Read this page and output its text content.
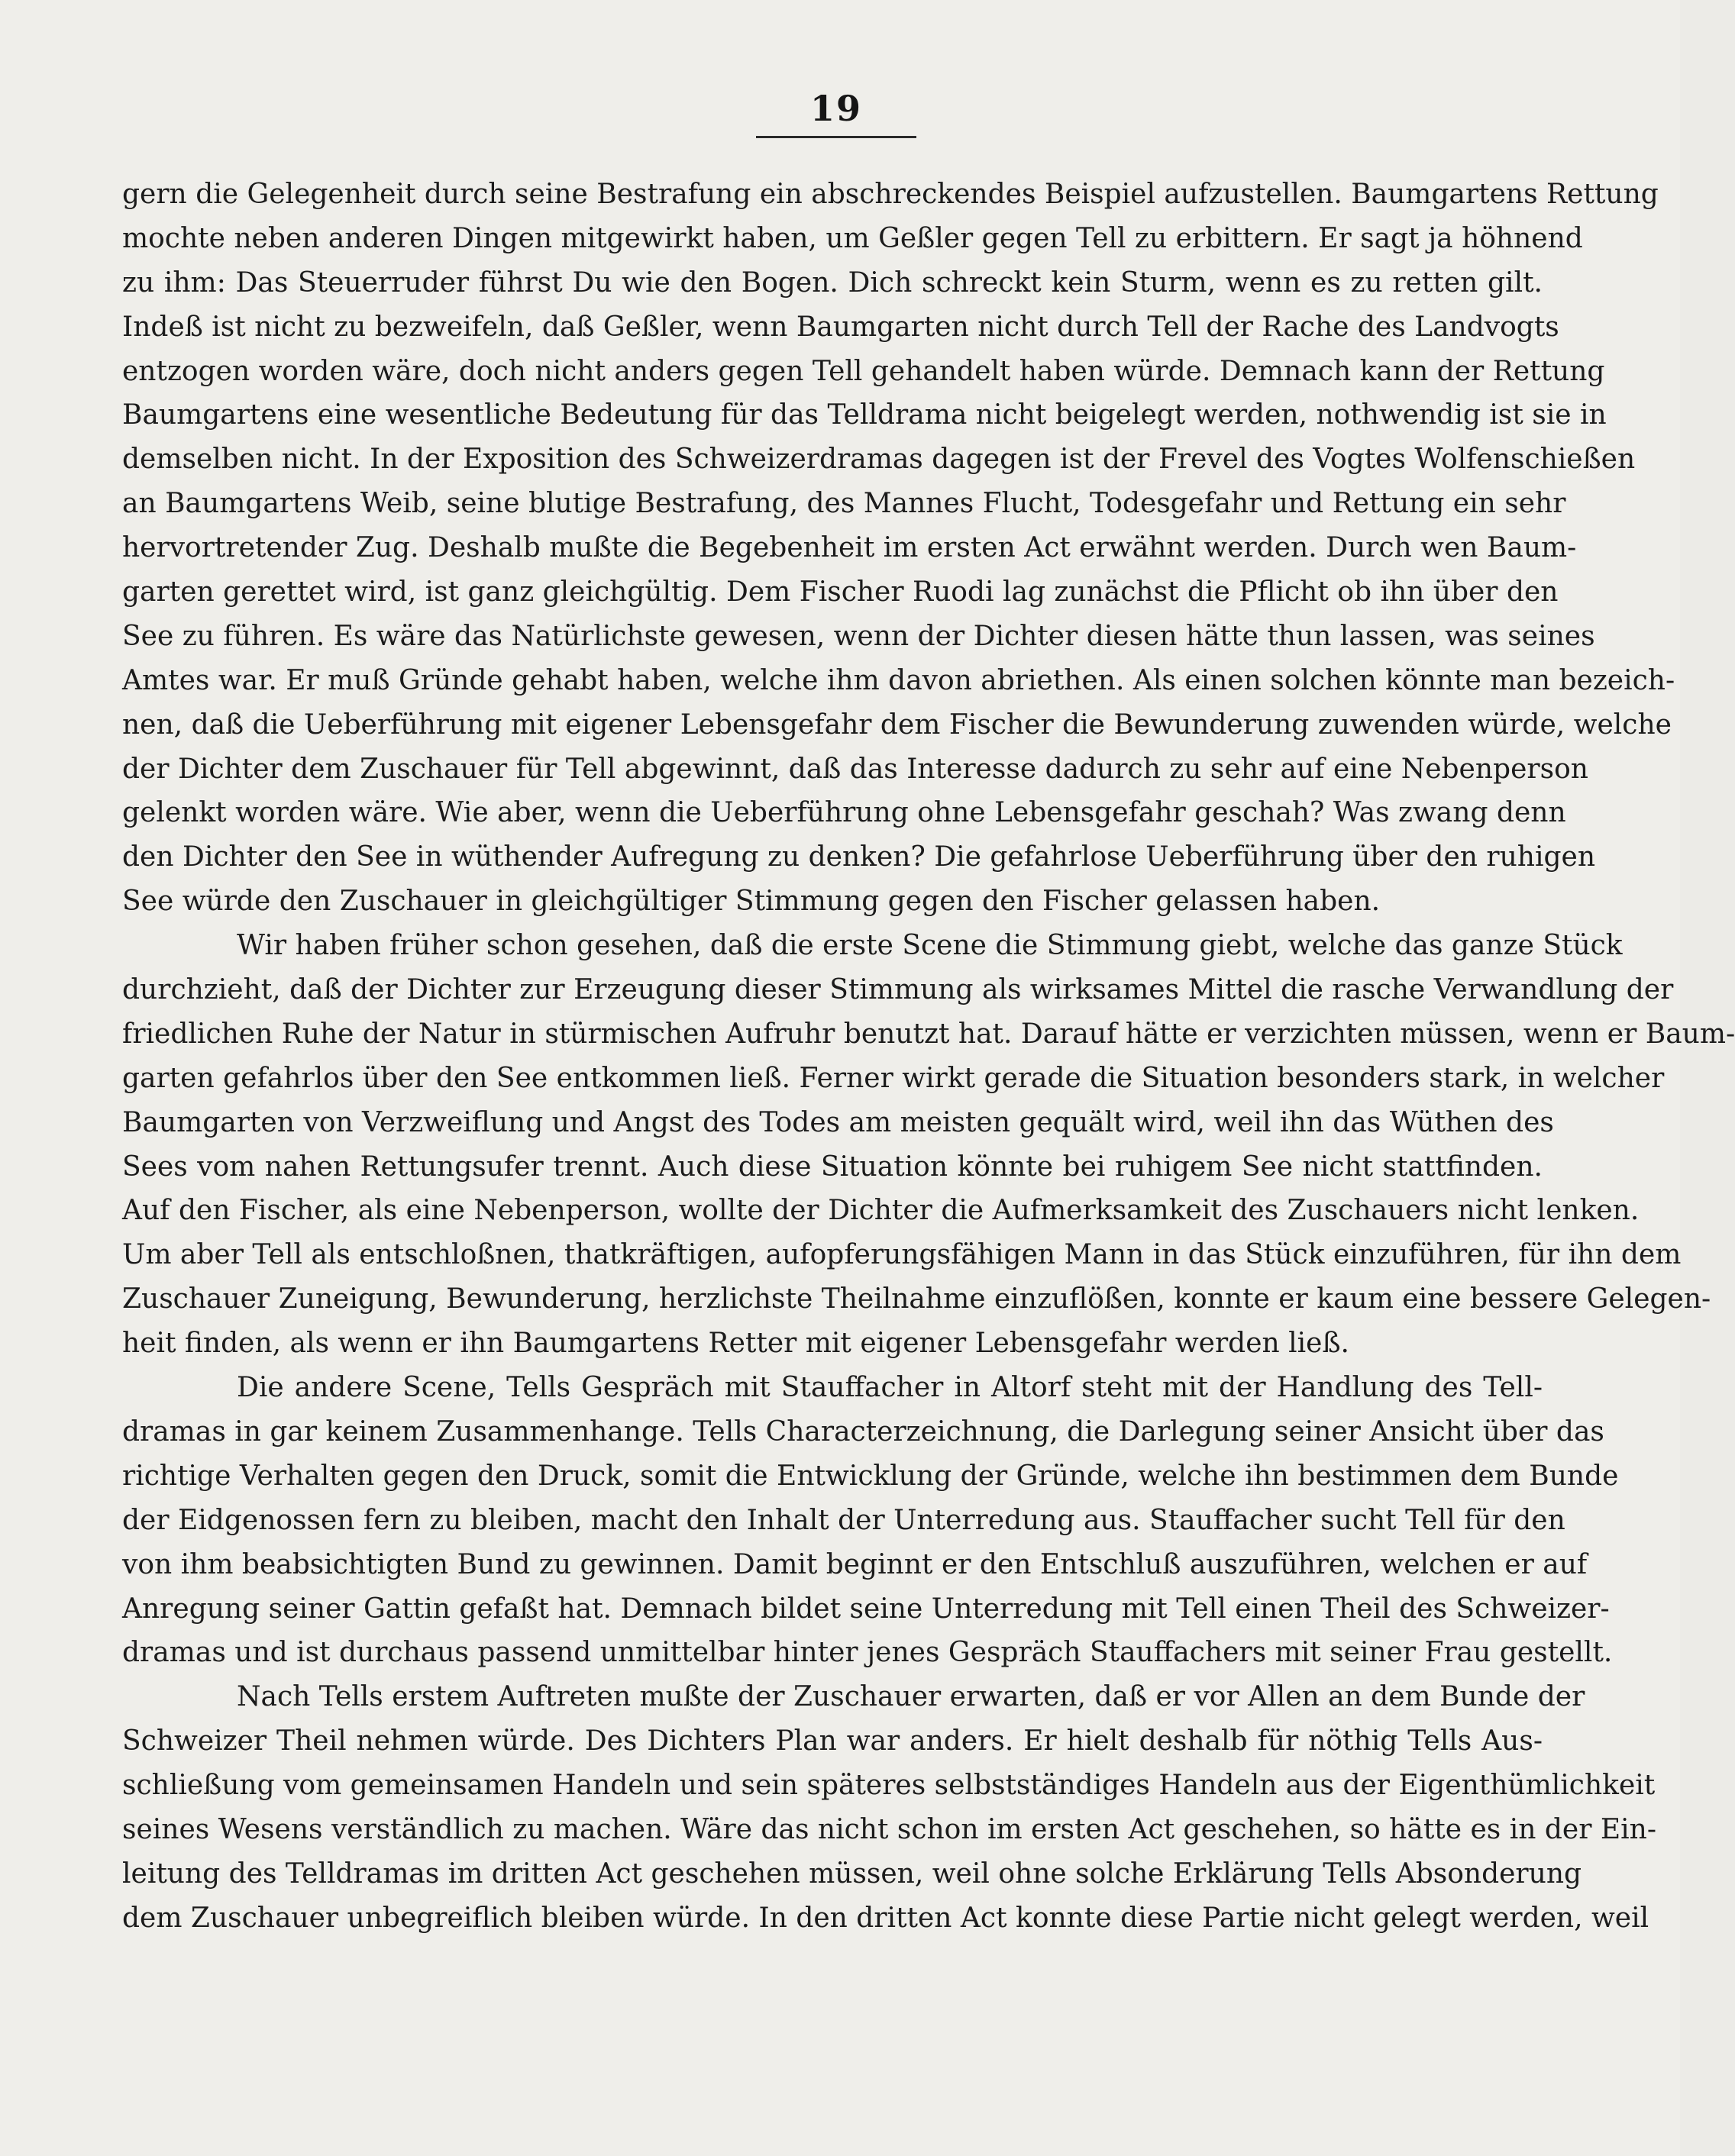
19
gern die Gelegenheit durch seine Bestrafung ein abschreckendes Beispiel aufzustellen. Baumgartens Rettung
mochte neben anderen Dingen mitgewirkt haben, um Geßler gegen Tell zu erbittern. Er sagt ja höhnend
zu ihm: Das Steuerruder führst Du wie den Bogen. Dich schreckt kein Sturm, wenn es zu retten gilt.
Indeß ist nicht zu bezweifeln, daß Geßler, wenn Baumgarten nicht durch Tell der Rache des Landvogts
entzogen worden wäre, doch nicht anders gegen Tell gehandelt haben würde. Demnach kann der Rettung
Baumgartens eine wesentliche Bedeutung für das Telldrama nicht beigelegt werden, nothwendig ist sie in
demselben nicht. In der Exposition des Schweizerdramas dagegen ist der Frevel des Vogtes Wolfenschießen
an Baumgartens Weib, seine blutige Bestrafung, des Mannes Flucht, Todesgefahr und Rettung ein sehr
hervortretender Zug. Deshalb mußte die Begebenheit im ersten Act erwähnt werden. Durch wen Baum-
garten gerettet wird, ist ganz gleichgültig. Dem Fischer Ruodi lag zunächst die Pflicht ob ihn über den
See zu führen. Es wäre das Natürlichste gewesen, wenn der Dichter diesen hätte thun lassen, was seines
Amtes war. Er muß Gründe gehabt haben, welche ihm davon abriethen. Als einen solchen könnte man bezeich-
nen, daß die Ueberführung mit eigener Lebensgefahr dem Fischer die Bewunderung zuwenden würde, welche
der Dichter dem Zuschauer für Tell abgewinnt, daß das Interesse dadurch zu sehr auf eine Nebenperson
gelenkt worden wäre. Wie aber, wenn die Ueberführung ohne Lebensgefahr geschah? Was zwang denn
den Dichter den See in wüthender Aufregung zu denken? Die gefahrlose Ueberführung über den ruhigen
See würde den Zuschauer in gleichgültiger Stimmung gegen den Fischer gelassen haben.
Wir haben früher schon gesehen, daß die erste Scene die Stimmung giebt, welche das ganze Stück
durchzieht, daß der Dichter zur Erzeugung dieser Stimmung als wirksames Mittel die rasche Verwandlung der
friedlichen Ruhe der Natur in stürmischen Aufruhr benutzt hat. Darauf hätte er verzichten müssen, wenn er Baum-
garten gefahrlos über den See entkommen ließ. Ferner wirkt gerade die Situation besonders stark, in welcher
Baumgarten von Verzweiflung und Angst des Todes am meisten gequält wird, weil ihn das Wüthen des
Sees vom nahen Rettungsufer trennt. Auch diese Situation könnte bei ruhigem See nicht stattfinden.
Auf den Fischer, als eine Nebenperson, wollte der Dichter die Aufmerksamkeit des Zuschauers nicht lenken.
Um aber Tell als entschloßnen, thatkräftigen, aufopferungsfähigen Mann in das Stück einzuführen, für ihn dem
Zuschauer Zuneigung, Bewunderung, herzlichste Theilnahme einzuflößen, konnte er kaum eine bessere Gelegen-
heit finden, als wenn er ihn Baumgartens Retter mit eigener Lebensgefahr werden ließ.
Die andere Scene, Tells Gespräch mit Stauffacher in Altorf steht mit der Handlung des Tell-
dramas in gar keinem Zusammenhange. Tells Characterzeichnung, die Darlegung seiner Ansicht über das
richtige Verhalten gegen den Druck, somit die Entwicklung der Gründe, welche ihn bestimmen dem Bunde
der Eidgenossen fern zu bleiben, macht den Inhalt der Unterredung aus. Stauffacher sucht Tell für den
von ihm beabsichtigten Bund zu gewinnen. Damit beginnt er den Entschluß auszuführen, welchen er auf
Anregung seiner Gattin gefaßt hat. Demnach bildet seine Unterredung mit Tell einen Theil des Schweizer-
dramas und ist durchaus passend unmittelbar hinter jenes Gespräch Stauffachers mit seiner Frau gestellt.
Nach Tells erstem Auftreten mußte der Zuschauer erwarten, daß er vor Allen an dem Bunde der
Schweizer Theil nehmen würde. Des Dichters Plan war anders. Er hielt deshalb für nöthig Tells Aus-
schließung vom gemeinsamen Handeln und sein späteres selbstständiges Handeln aus der Eigenthümlichkeit
seines Wesens verständlich zu machen. Wäre das nicht schon im ersten Act geschehen, so hätte es in der Ein-
leitung des Telldramas im dritten Act geschehen müssen, weil ohne solche Erklärung Tells Absonderung
dem Zuschauer unbegreiflich bleiben würde. In den dritten Act konnte diese Partie nicht gelegt werden, weil
